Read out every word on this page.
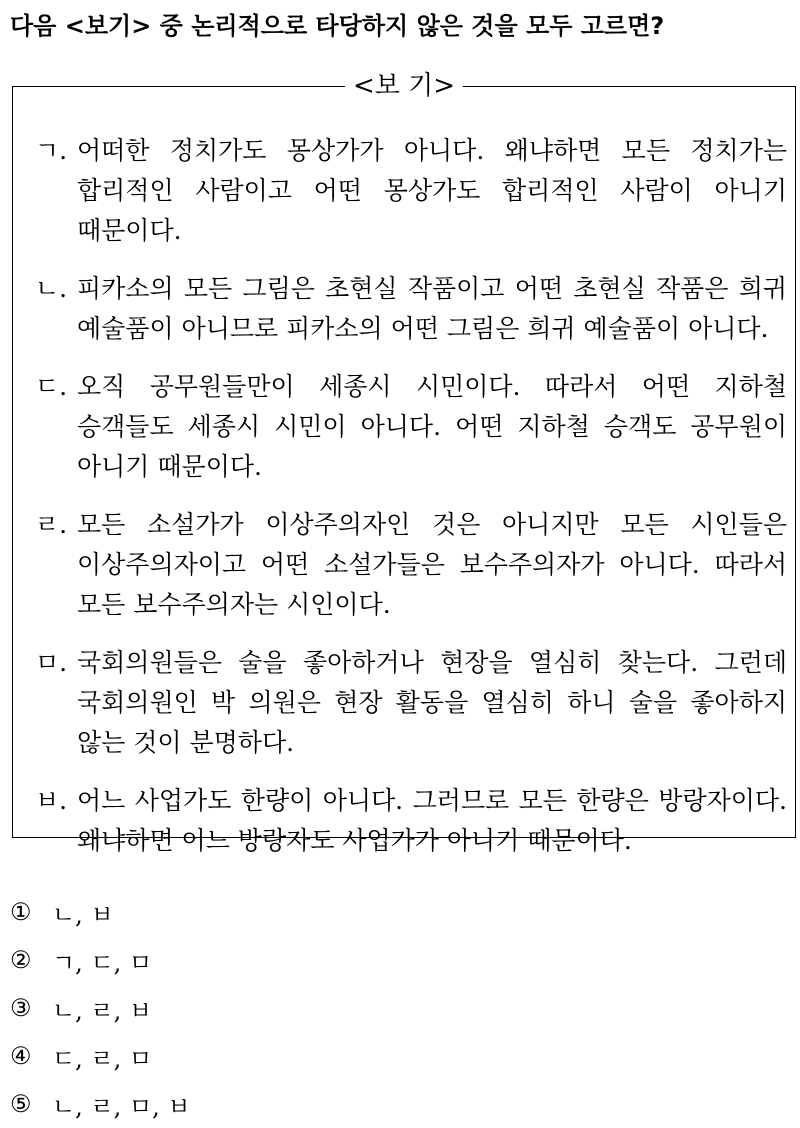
다음 <보기> 중 논리적으로 타당하지 않은 것을 모두 고르면?
<보 기>
ㄱ. 어떠한 정치가도 몽상가가 아니다. 왜냐하면 모든 정치가는 합리적인 사람이고 어떤 몽상가도 합리적인 사람이 아니기 때문이다.
ㄴ. 피카소의 모든 그림은 초현실 작품이고 어떤 초현실 작품은 희귀 예술품이 아니므로 피카소의 어떤 그림은 희귀 예술품이 아니다.
ㄷ. 오직 공무원들만이 세종시 시민이다. 따라서 어떤 지하철 승객들도 세종시 시민이 아니다. 어떤 지하철 승객도 공무원이 아니기 때문이다.
ㄹ. 모든 소설가가 이상주의자인 것은 아니지만 모든 시인들은 이상주의자이고 어떤 소설가들은 보수주의자가 아니다. 따라서 모든 보수주의자는 시인이다.
ㅁ. 국회의원들은 술을 좋아하거나 현장을 열심히 찾는다. 그런데 국회의원인 박 의원은 현장 활동을 열심히 하니 술을 좋아하지 않는 것이 분명하다.
ㅂ. 어느 사업가도 한량이 아니다. 그러므로 모든 한량은 방랑자이다. 왜냐하면 어느 방랑자도 사업가가 아니기 때문이다.
① ㄴ, ㅂ
② ㄱ, ㄷ, ㅁ
③ ㄴ, ㄹ, ㅂ
④ ㄷ, ㄹ, ㅁ
⑤ ㄴ, ㄹ, ㅁ, ㅂ
